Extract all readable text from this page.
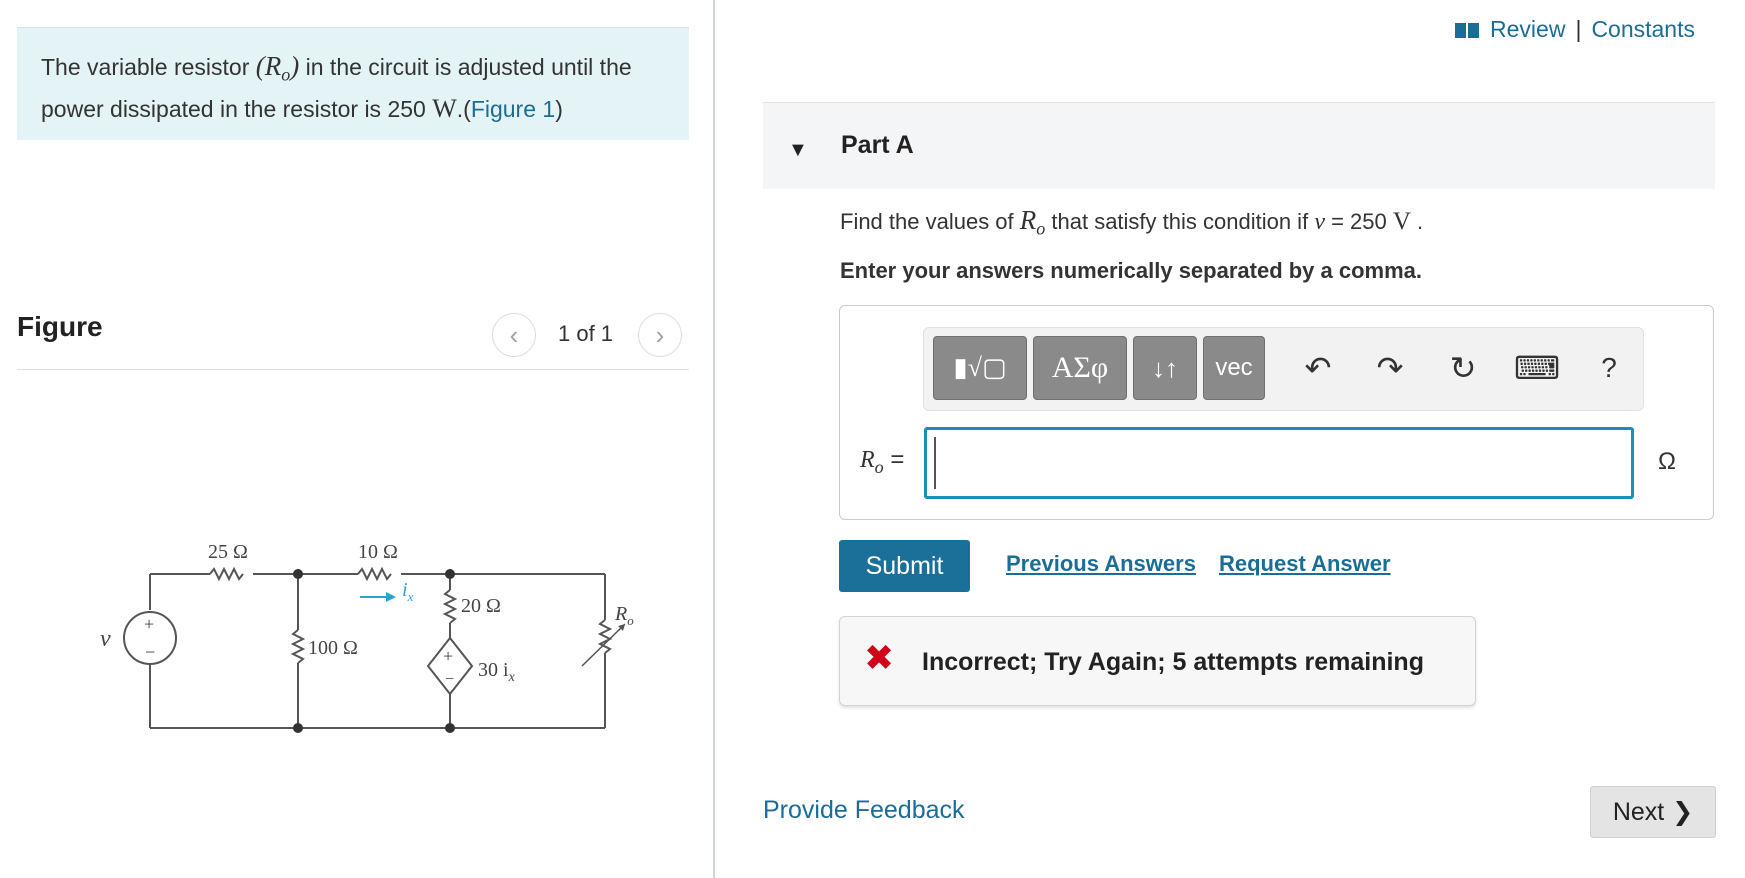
The variable resistor $(R_o)$ in the circuit is adjusted until the power dissipated in the resistor is 250 W.(Figure 1)
Figure	‹ 1 of 1 ›
25 Ω	10 Ω
100 Ω
20 Ω
30 $i_x$
$i_x$
v
$R_o$
+
−	+
−
Review | Constants
▼ Part A
Find the values of $R_o$ that satisfy this condition if v = 250 V .
Enter your answers numerically separated by a comma.
▮√▢ ΑΣφ ↓↑ vec ↶ ↷ ↻ ⌨	?
$R_o$ =	Ω
Submit	Previous Answers Request Answer
✖ Incorrect; Try Again; 5 attempts remaining
Provide Feedback	Next ❯
